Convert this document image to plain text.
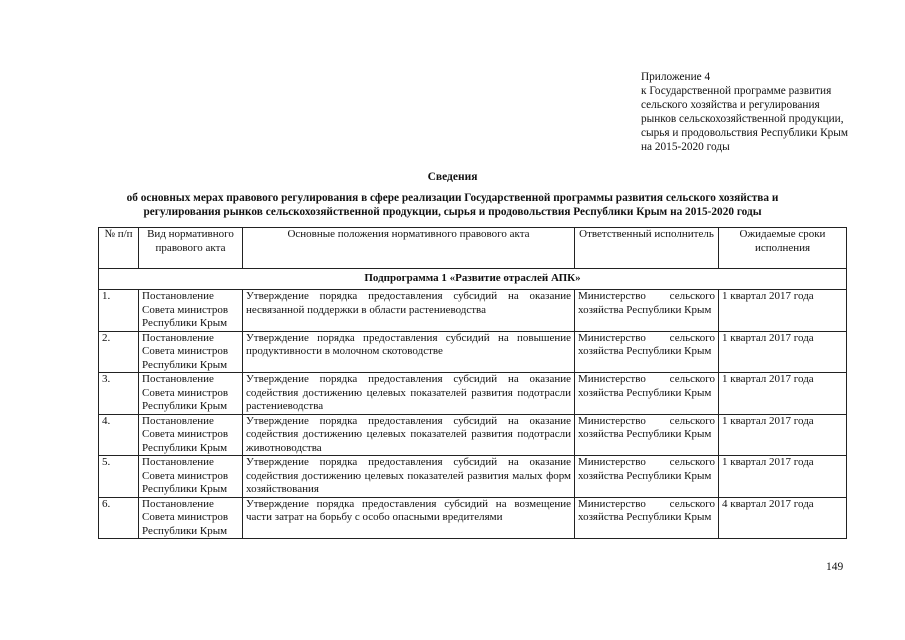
Приложение 4
к Государственной программе развития
сельского хозяйства и регулирования
рынков сельскохозяйственной продукции,
сырья и продовольствия Республики Крым
на 2015-2020 годы
Сведения
об основных мерах правового регулирования в сфере реализации Государственной программы развития сельского хозяйства и
регулирования рынков сельскохозяйственной продукции, сырья и продовольствия Республики Крым на 2015-2020 годы
№ п/п	Вид нормативного правового акта	Основные положения нормативного правового акта	Ответственный исполнитель	Ожидаемые сроки исполнения
Подпрограмма 1 «Развитие отраслей АПК»				
1.	Постановление Совета министров Республики Крым	Утверждение порядка предоставления субсидий на оказание несвязанной поддержки в области растениеводства	Министерство сельского хозяйства Республики Крым	1 квартал 2017 года
2.	Постановление Совета министров Республики Крым	Утверждение порядка предоставления субсидий на повышение продуктивности в молочном скотоводстве	Министерство сельского хозяйства Республики Крым	1 квартал 2017 года
3.	Постановление Совета министров Республики Крым	Утверждение порядка предоставления субсидий на оказание содействия достижению целевых показателей развития подотрасли растениеводства	Министерство сельского хозяйства Республики Крым	1 квартал 2017 года
4.	Постановление Совета министров Республики Крым	Утверждение порядка предоставления субсидий на оказание содействия достижению целевых показателей развития подотрасли животноводства	Министерство сельского хозяйства Республики Крым	1 квартал 2017 года
5.	Постановление Совета министров Республики Крым	Утверждение порядка предоставления субсидий на оказание содействия достижению целевых показателей развития малых форм хозяйствования	Министерство сельского хозяйства Республики Крым	1 квартал 2017 года
6.	Постановление Совета министров Республики Крым	Утверждение порядка предоставления субсидий на возмещение части затрат на борьбу с особо опасными вредителями	Министерство сельского хозяйства Республики Крым	4 квартал 2017 года
149
